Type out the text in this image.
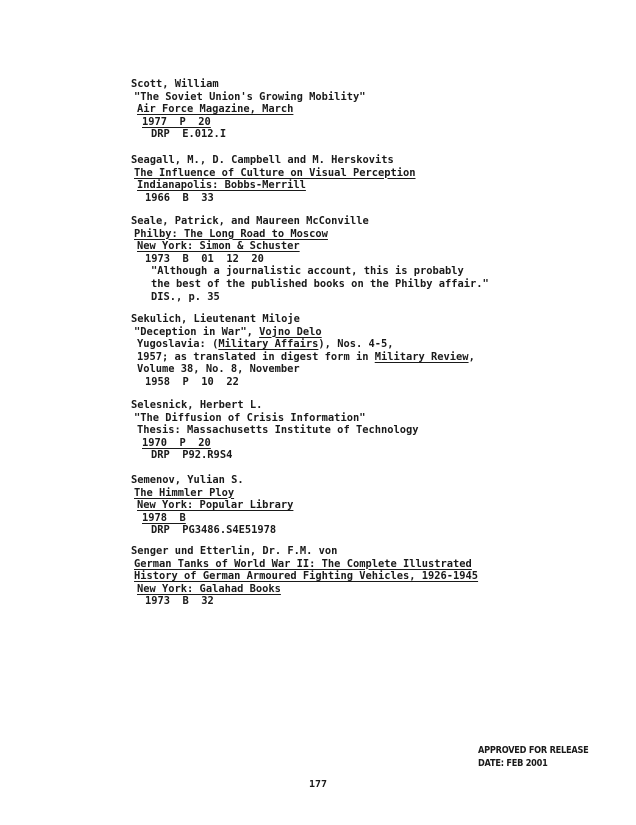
Scott, William
"The Soviet Union's Growing Mobility"
Air Force Magazine, March
1977  P  20
DRP  E.012.I
Seagall, M., D. Campbell and M. Herskovits
The Influence of Culture on Visual Perception
Indianapolis: Bobbs-Merrill
1966  B  33
Seale, Patrick, and Maureen McConville
Philby: The Long Road to Moscow
New York: Simon & Schuster
1973  B  01  12  20
"Although a journalistic account, this is probably
the best of the published books on the Philby affair."
DIS., p. 35
Sekulich, Lieutenant Miloje
"Deception in War", Vojno Delo
Yugoslavia: (Military Affairs), Nos. 4-5,
1957; as translated in digest form in Military Review,
Volume 38, No. 8, November
1958  P  10  22
Selesnick, Herbert L.
"The Diffusion of Crisis Information"
Thesis: Massachusetts Institute of Technology
1970  P  20
DRP  P92.R9S4
Semenov, Yulian S.
The Himmler Ploy
New York: Popular Library
1978  B
DRP  PG3486.S4E51978
Senger und Etterlin, Dr. F.M. von
German Tanks of World War II: The Complete Illustrated
History of German Armoured Fighting Vehicles, 1926-1945
New York: Galahad Books
1973  B  32
APPROVED FOR RELEASE
DATE: FEB 2001
177
